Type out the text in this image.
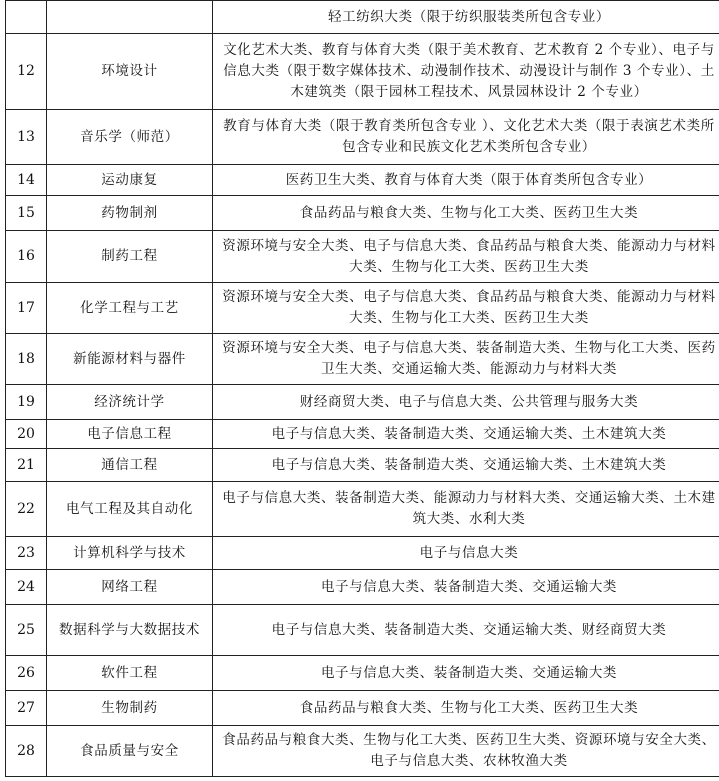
		轻工纺织大类（限于纺织服装类所包含专业）
12	环境设计	文化艺术大类、教育与体育大类（限于美术教育、艺术教育 2 个专业）、电子与信息大类（限于数字媒体技术、动漫制作技术、动漫设计与制作 3 个专业）、土木建筑类（限于园林工程技术、风景园林设计 2 个专业）
13	音乐学（师范）	教育与体育大类（限于教育类所包含专业 ）、文化艺术大类（限于表演艺术类所包含专业和民族文化艺术类所包含专业）
14	运动康复	医药卫生大类、教育与体育大类（限于体育类所包含专业）
15	药物制剂	食品药品与粮食大类、生物与化工大类、医药卫生大类
16	制药工程	资源环境与安全大类、电子与信息大类、食品药品与粮食大类、能源动力与材料大类、生物与化工大类、医药卫生大类
17	化学工程与工艺	资源环境与安全大类、电子与信息大类、食品药品与粮食大类、能源动力与材料大类、生物与化工大类、医药卫生大类
18	新能源材料与器件	资源环境与安全大类、电子与信息大类、装备制造大类、生物与化工大类、医药卫生大类、交通运输大类、能源动力与材料大类
19	经济统计学	财经商贸大类、电子与信息大类、公共管理与服务大类
20	电子信息工程	电子与信息大类、装备制造大类、交通运输大类、土木建筑大类
21	通信工程	电子与信息大类、装备制造大类、交通运输大类、土木建筑大类
22	电气工程及其自动化	电子与信息大类、装备制造大类、能源动力与材料大类、交通运输大类、土木建筑大类、水利大类
23	计算机科学与技术	电子与信息大类
24	网络工程	电子与信息大类、装备制造大类、交通运输大类
25	数据科学与大数据技术	电子与信息大类、装备制造大类、交通运输大类、财经商贸大类
26	软件工程	电子与信息大类、装备制造大类、交通运输大类
27	生物制药	食品药品与粮食大类、生物与化工大类、医药卫生大类
28	食品质量与安全	食品药品与粮食大类、生物与化工大类、医药卫生大类、资源环境与安全大类、电子与信息大类、农林牧渔大类
